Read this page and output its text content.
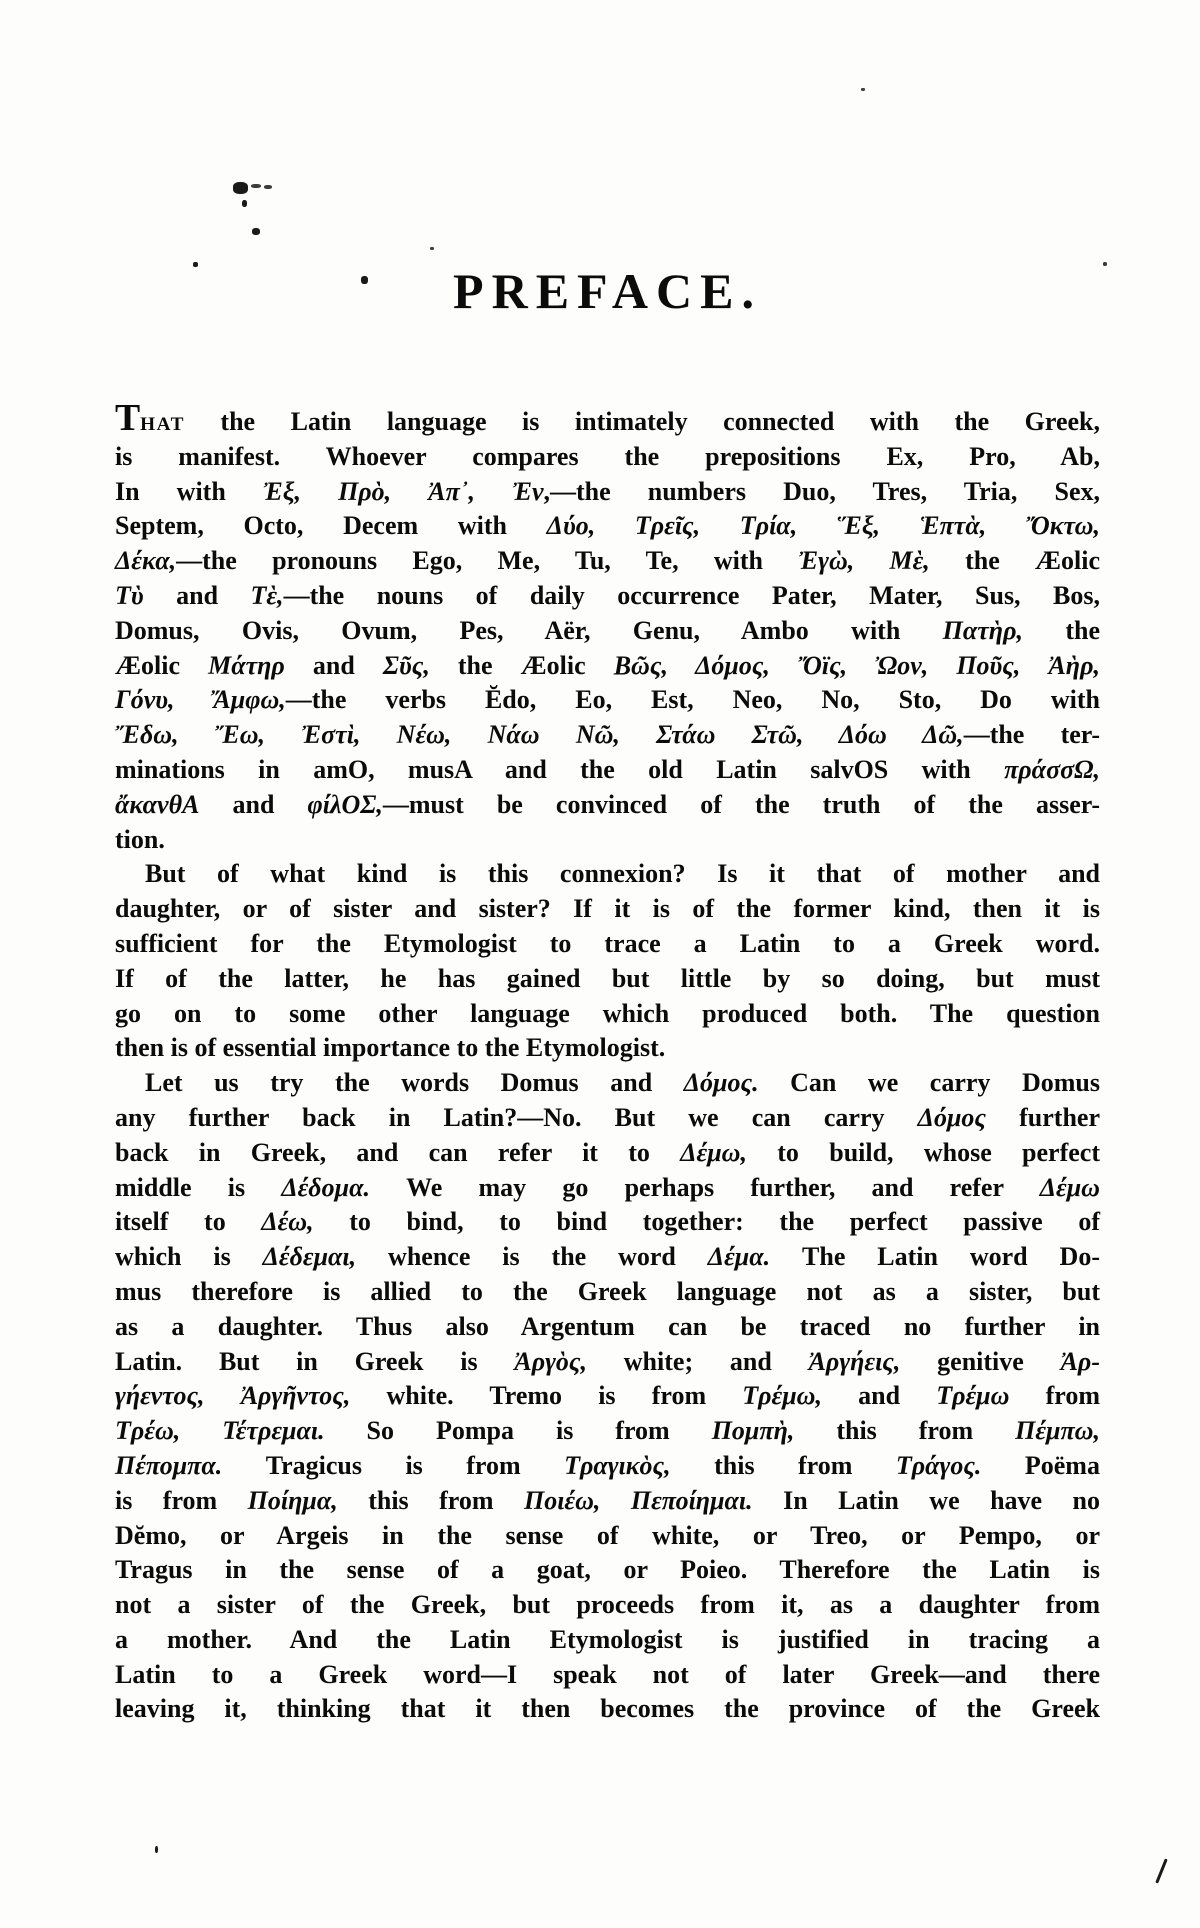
PREFACE.
THAT the Latin language is intimately connected with the Greek,
is manifest. Whoever compares the prepositions Ex, Pro, Ab,
In with Ἐξ, Πρὸ, Ἀπ᾽, Ἐν,—the numbers Duo, Tres, Tria, Sex,
Septem, Octo, Decem with Δύο, Τρεῖς, Τρία, Ἕξ, Ἑπτὰ, Ὄκτω,
Δέκα,—the pronouns Ego, Me, Tu, Te, with Ἐγὼ, Μὲ, the Æolic
Τὺ and Τὲ,—the nouns of daily occurrence Pater, Mater, Sus, Bos,
Domus, Ovis, Ovum, Pes, Aër, Genu, Ambo with Πατὴρ, the
Æolic Μάτηρ and Σῦς, the Æolic Βῶς, Δόμος, Ὄϊς, Ὠον, Ποῦς, Ἀὴρ,
Γόνυ, Ἄμφω,—the verbs Ĕdo, Eo, Est, Neo, No, Sto, Do with
Ἔδω, Ἔω, Ἐστὶ, Νέω, Νάω Νῶ, Στάω Στῶ, Δόω Δῶ,—the ter-
minations in amO, musA and the old Latin salvOS with πράσσΩ,
ἄκανθΑ and φίλΟΣ,—must be convinced of the truth of the asser-
tion.
But of what kind is this connexion? Is it that of mother and
daughter, or of sister and sister? If it is of the former kind, then it is
sufficient for the Etymologist to trace a Latin to a Greek word.
If of the latter, he has gained but little by so doing, but must
go on to some other language which produced both. The question
then is of essential importance to the Etymologist.
Let us try the words Domus and Δόμος. Can we carry Domus
any further back in Latin?—No. But we can carry Δόμος further
back in Greek, and can refer it to Δέμω, to build, whose perfect
middle is Δέδομα. We may go perhaps further, and refer Δέμω
itself to Δέω, to bind, to bind together: the perfect passive of
which is Δέδεμαι, whence is the word Δέμα. The Latin word Do-
mus therefore is allied to the Greek language not as a sister, but
as a daughter. Thus also Argentum can be traced no further in
Latin. But in Greek is Ἀργὸς, white; and Ἀργήεις, genitive Ἀρ-
γήεντος, Ἀργῆντος, white. Tremo is from Τρέμω, and Τρέμω from
Τρέω, Τέτρεμαι. So Pompa is from Πομπὴ, this from Πέμπω,
Πέπομπα. Tragicus is from Τραγικὸς, this from Τράγος. Poëma
is from Ποίημα, this from Ποιέω, Πεποίημαι. In Latin we have no
Dĕmo, or Argeis in the sense of white, or Treo, or Pempo, or
Tragus in the sense of a goat, or Poieo. Therefore the Latin is
not a sister of the Greek, but proceeds from it, as a daughter from
a mother. And the Latin Etymologist is justified in tracing a
Latin to a Greek word—I speak not of later Greek—and there
leaving it, thinking that it then becomes the province of the Greek
